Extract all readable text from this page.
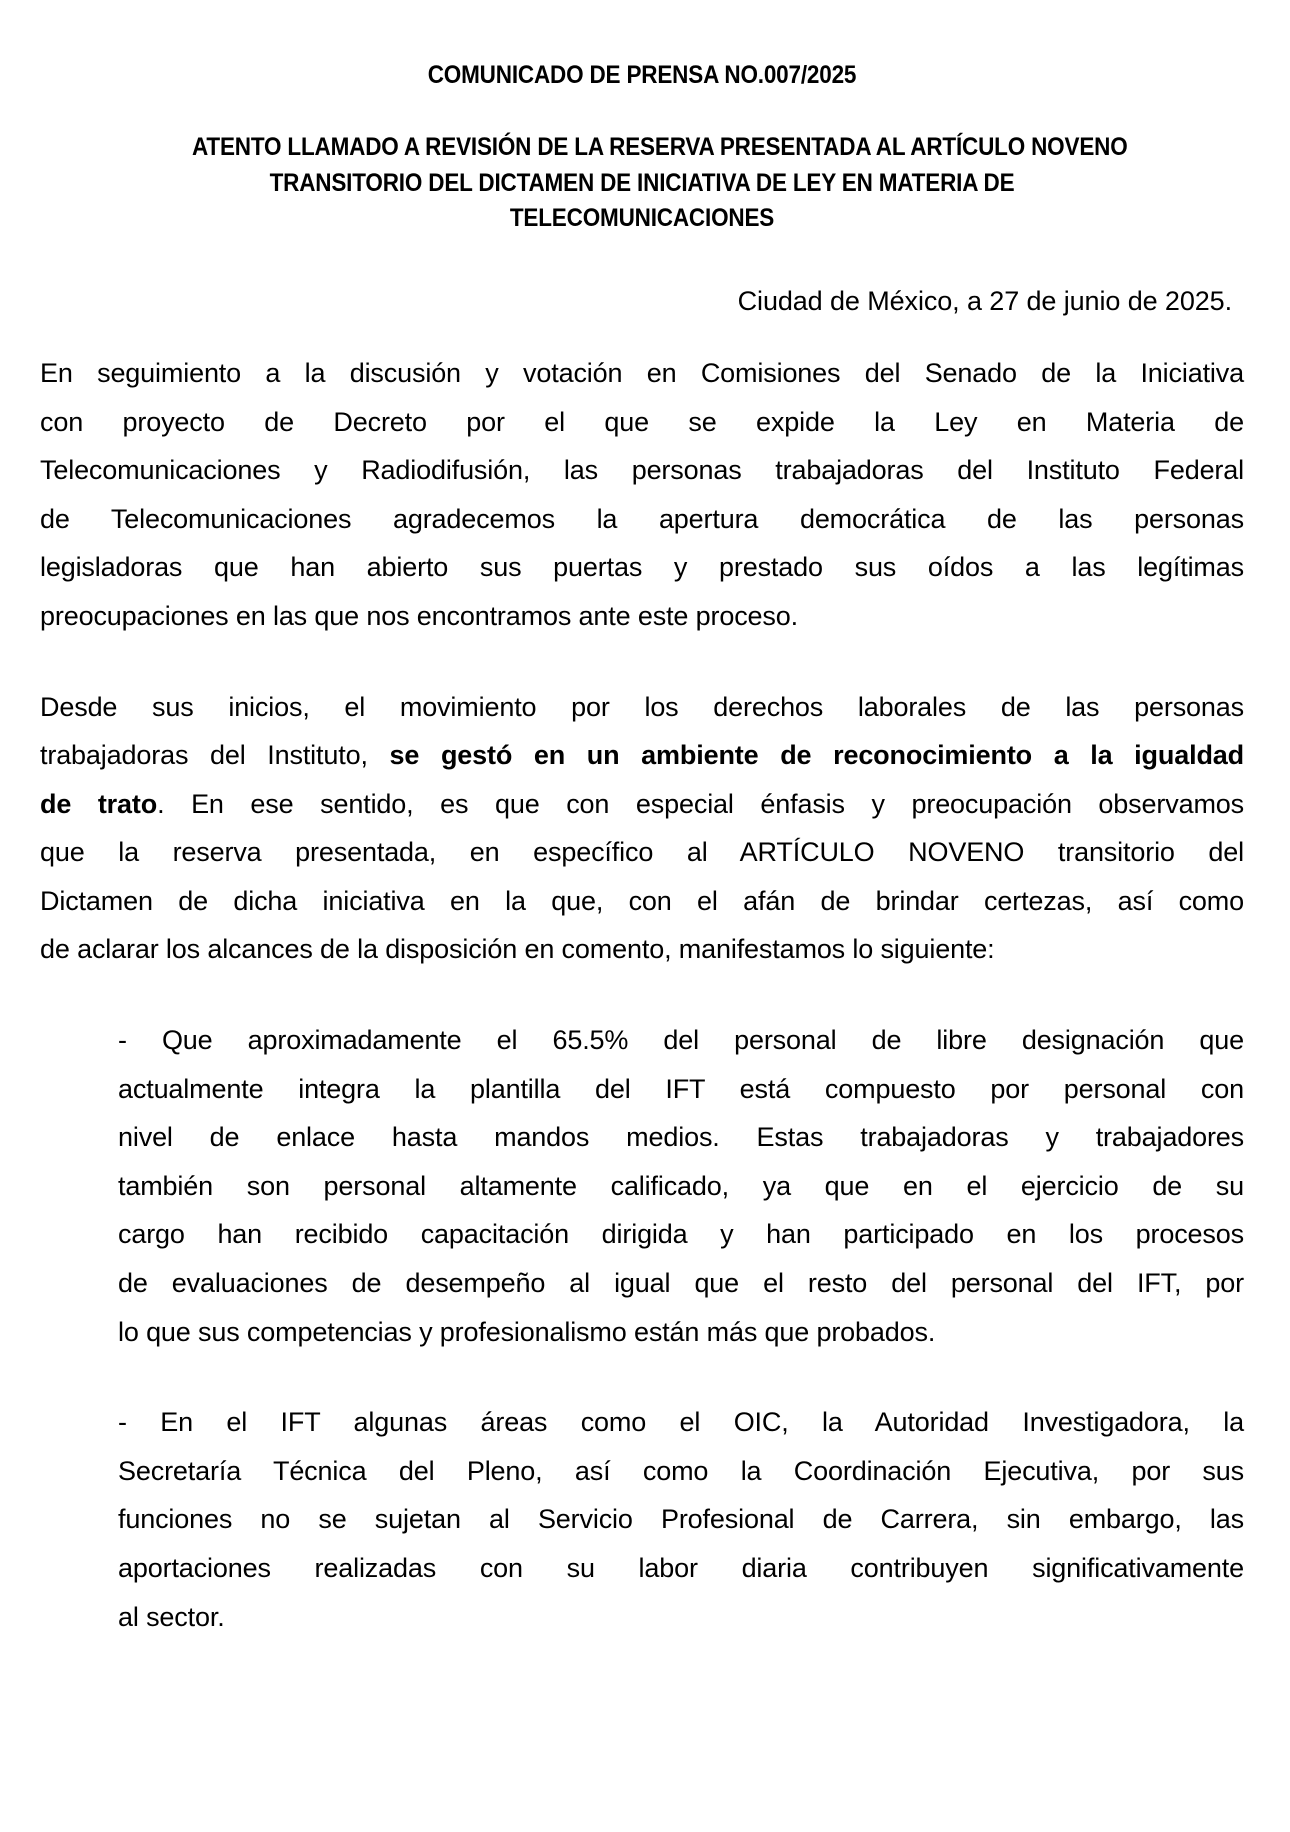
COMUNICADO DE PRENSA NO.007/2025
ATENTO LLAMADO A REVISIÓN DE LA RESERVA PRESENTADA AL ARTÍCULO NOVENO
TRANSITORIO DEL DICTAMEN DE INICIATIVA DE LEY EN MATERIA DE
TELECOMUNICACIONES
Ciudad de México, a 27 de junio de 2025.

En seguimiento a la discusión y votación en Comisiones del Senado de la Iniciativa
con proyecto de Decreto por el que se expide la Ley en Materia de
Telecomunicaciones y Radiodifusión, las personas trabajadoras del Instituto Federal
de Telecomunicaciones agradecemos la apertura democrática de las personas
legisladoras que han abierto sus puertas y prestado sus oídos a las legítimas
preocupaciones en las que nos encontramos ante este proceso.

Desde sus inicios, el movimiento por los derechos laborales de las personas
trabajadoras del Instituto, se gestó en un ambiente de reconocimiento a la igualdad
de trato. En ese sentido, es que con especial énfasis y preocupación observamos
que la reserva presentada, en específico al ARTÍCULO NOVENO transitorio del
Dictamen de dicha iniciativa en la que, con el afán de brindar certezas, así como
de aclarar los alcances de la disposición en comento, manifestamos lo siguiente:

- Que aproximadamente el 65.5% del personal de libre designación que
actualmente integra la plantilla del IFT está compuesto por personal con
nivel de enlace hasta mandos medios. Estas trabajadoras y trabajadores
también son personal altamente calificado, ya que en el ejercicio de su
cargo han recibido capacitación dirigida y han participado en los procesos
de evaluaciones de desempeño al igual que el resto del personal del IFT, por
lo que sus competencias y profesionalismo están más que probados.

- En el IFT algunas áreas como el OIC, la Autoridad Investigadora, la
Secretaría Técnica del Pleno, así como la Coordinación Ejecutiva, por sus
funciones no se sujetan al Servicio Profesional de Carrera, sin embargo, las
aportaciones realizadas con su labor diaria contribuyen significativamente
al sector.
